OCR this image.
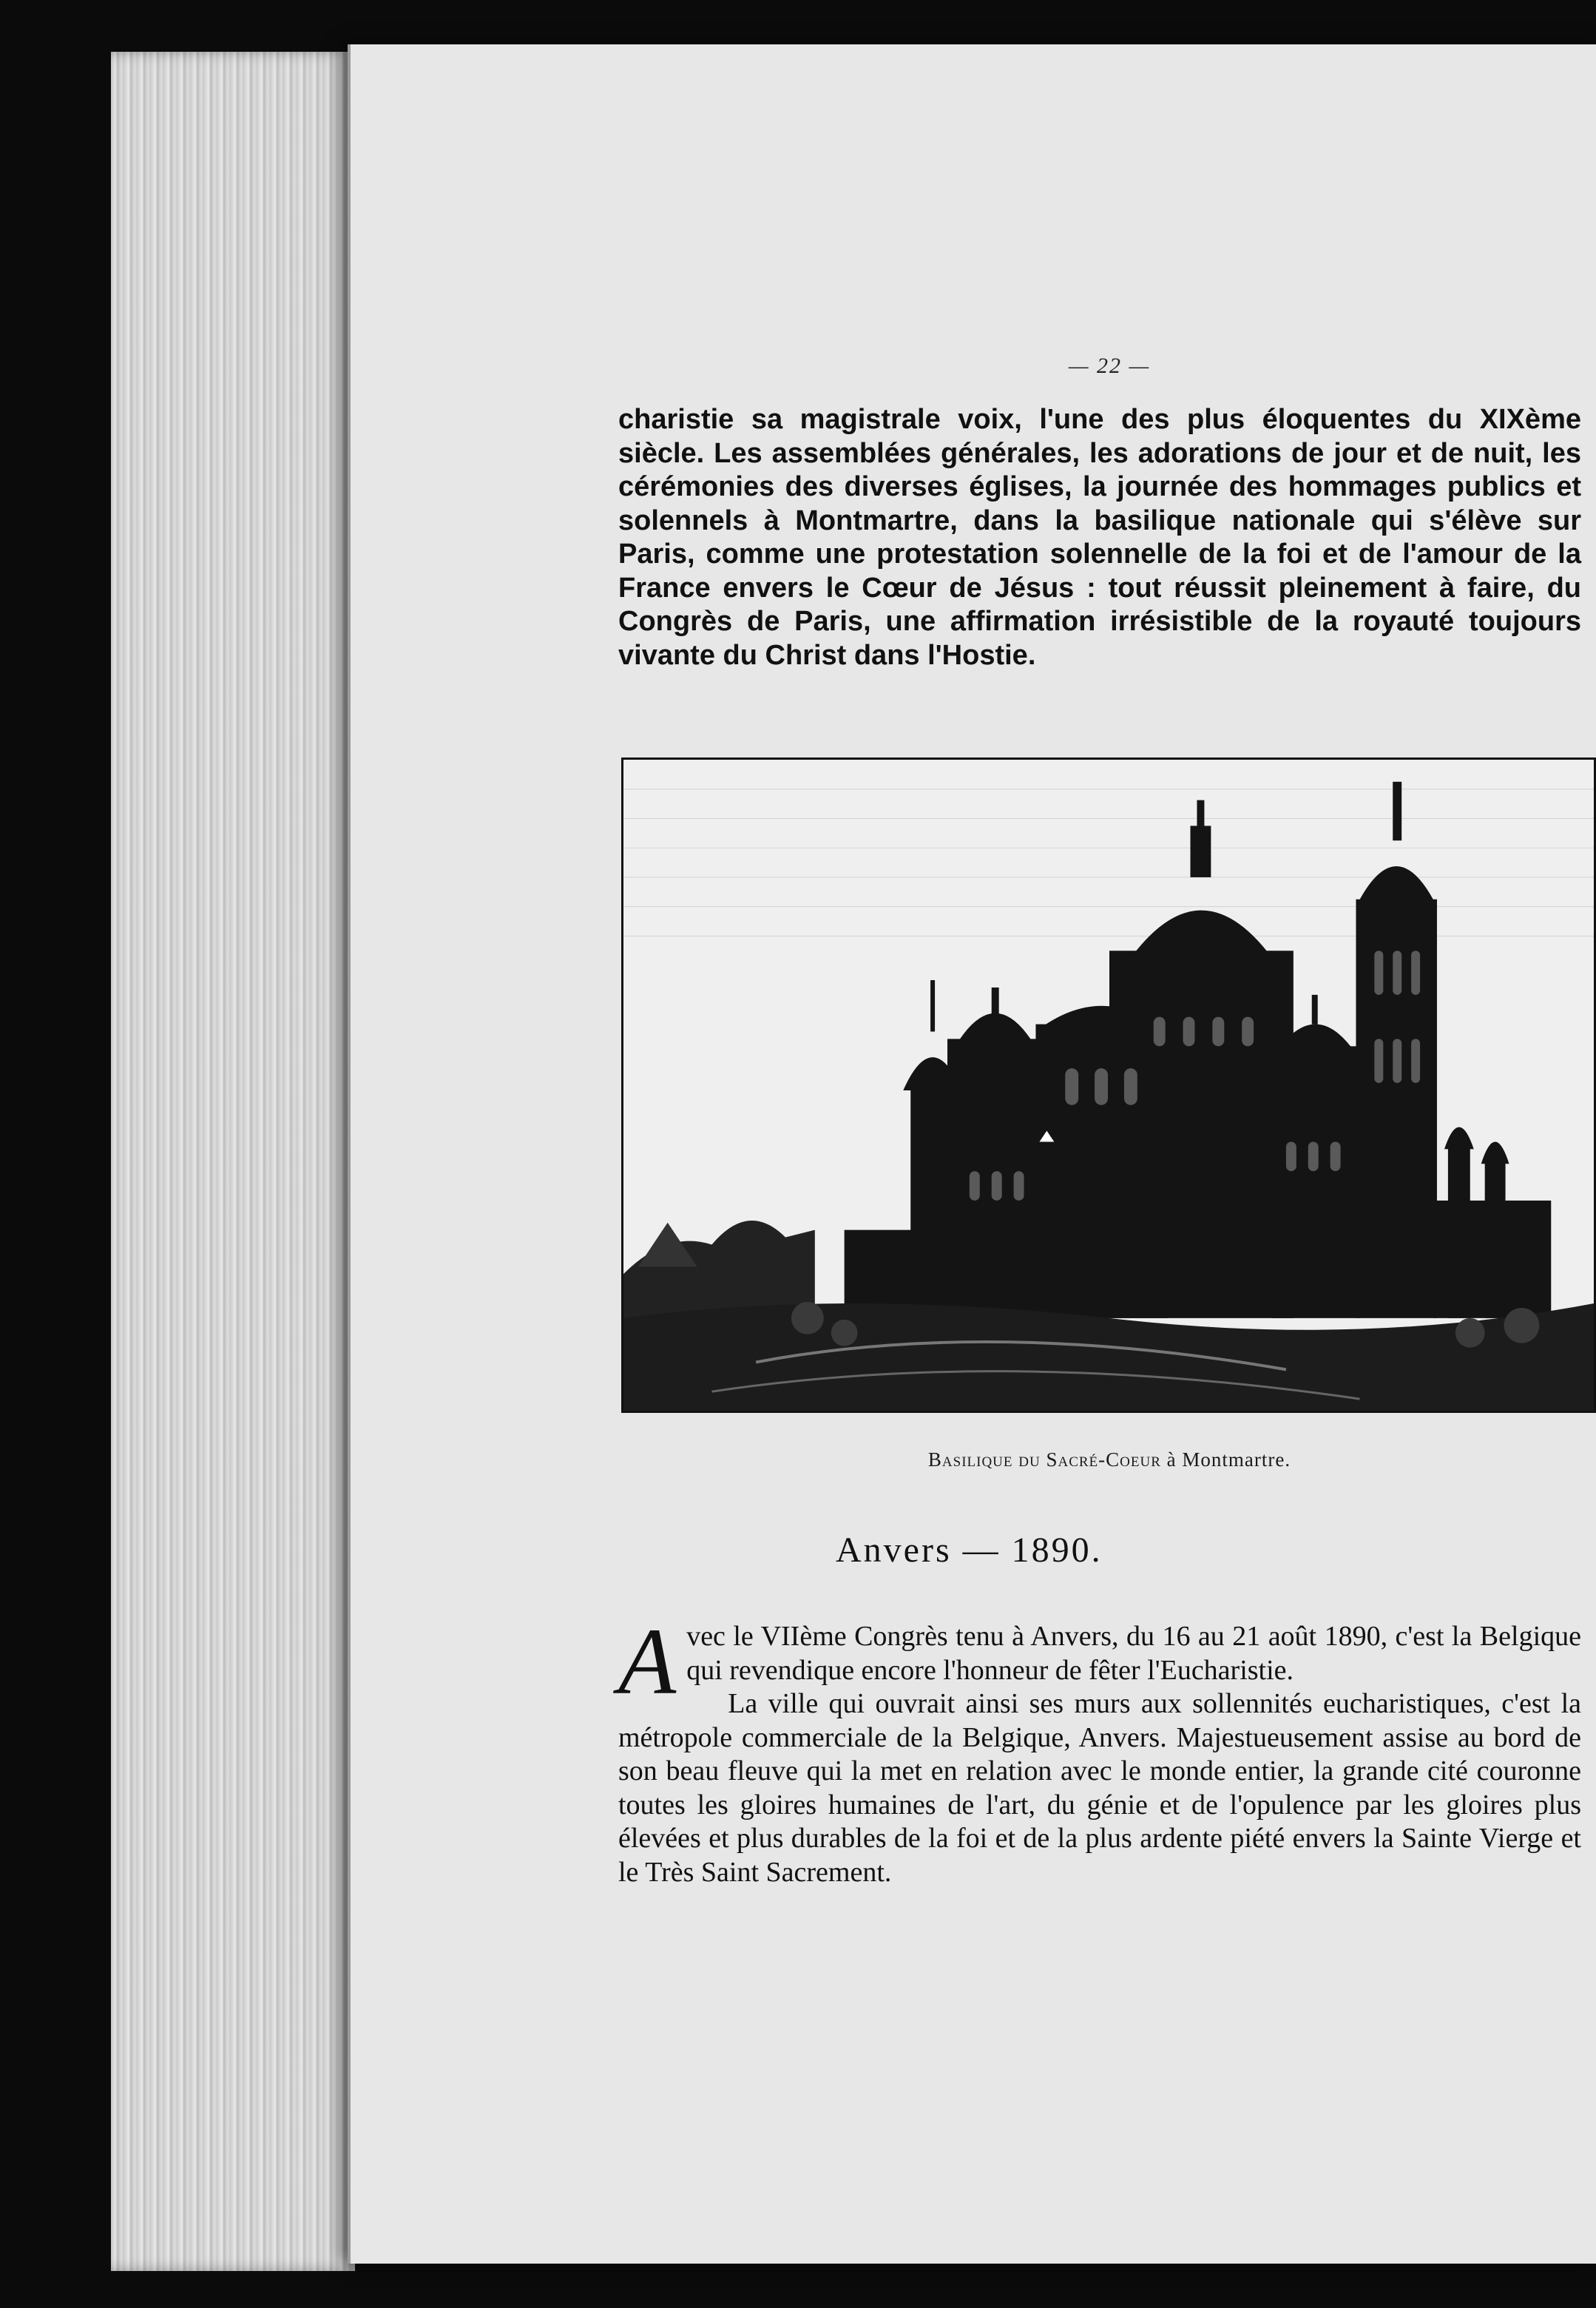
— 22 —

charistie sa magistrale voix, l'une des plus éloquentes du XIXème siècle. Les assemblées générales, les adorations de jour et de nuit, les cérémonies des diverses églises, la journée des hommages publics et solennels à Montmartre, dans la basilique nationale qui s'élève sur Paris, comme une protestation solennelle de la foi et de l'amour de la France envers le Cœur de Jésus : tout réussit pleinement à faire, du Congrès de Paris, une affirmation irrésistible de la royauté toujours vivante du Christ dans l'Hostie.

Basilique du Sacré-Coeur à Montmartre.
Anvers — 1890.

Avec le VIIème Congrès tenu à Anvers, du 16 au 21 août 1890, c'est la Belgique qui revendique encore l'honneur de fêter l'Eucharistie.

La ville qui ouvrait ainsi ses murs aux sollennités eucharistiques, c'est la métropole commerciale de la Belgique, Anvers. Majestueusement assise au bord de son beau fleuve qui la met en relation avec le monde entier, la grande cité couronne toutes les gloires humaines de l'art, du génie et de l'opulence par les gloires plus élevées et plus durables de la foi et de la plus ardente piété envers la Sainte Vierge et le Très Saint Sacrement.
